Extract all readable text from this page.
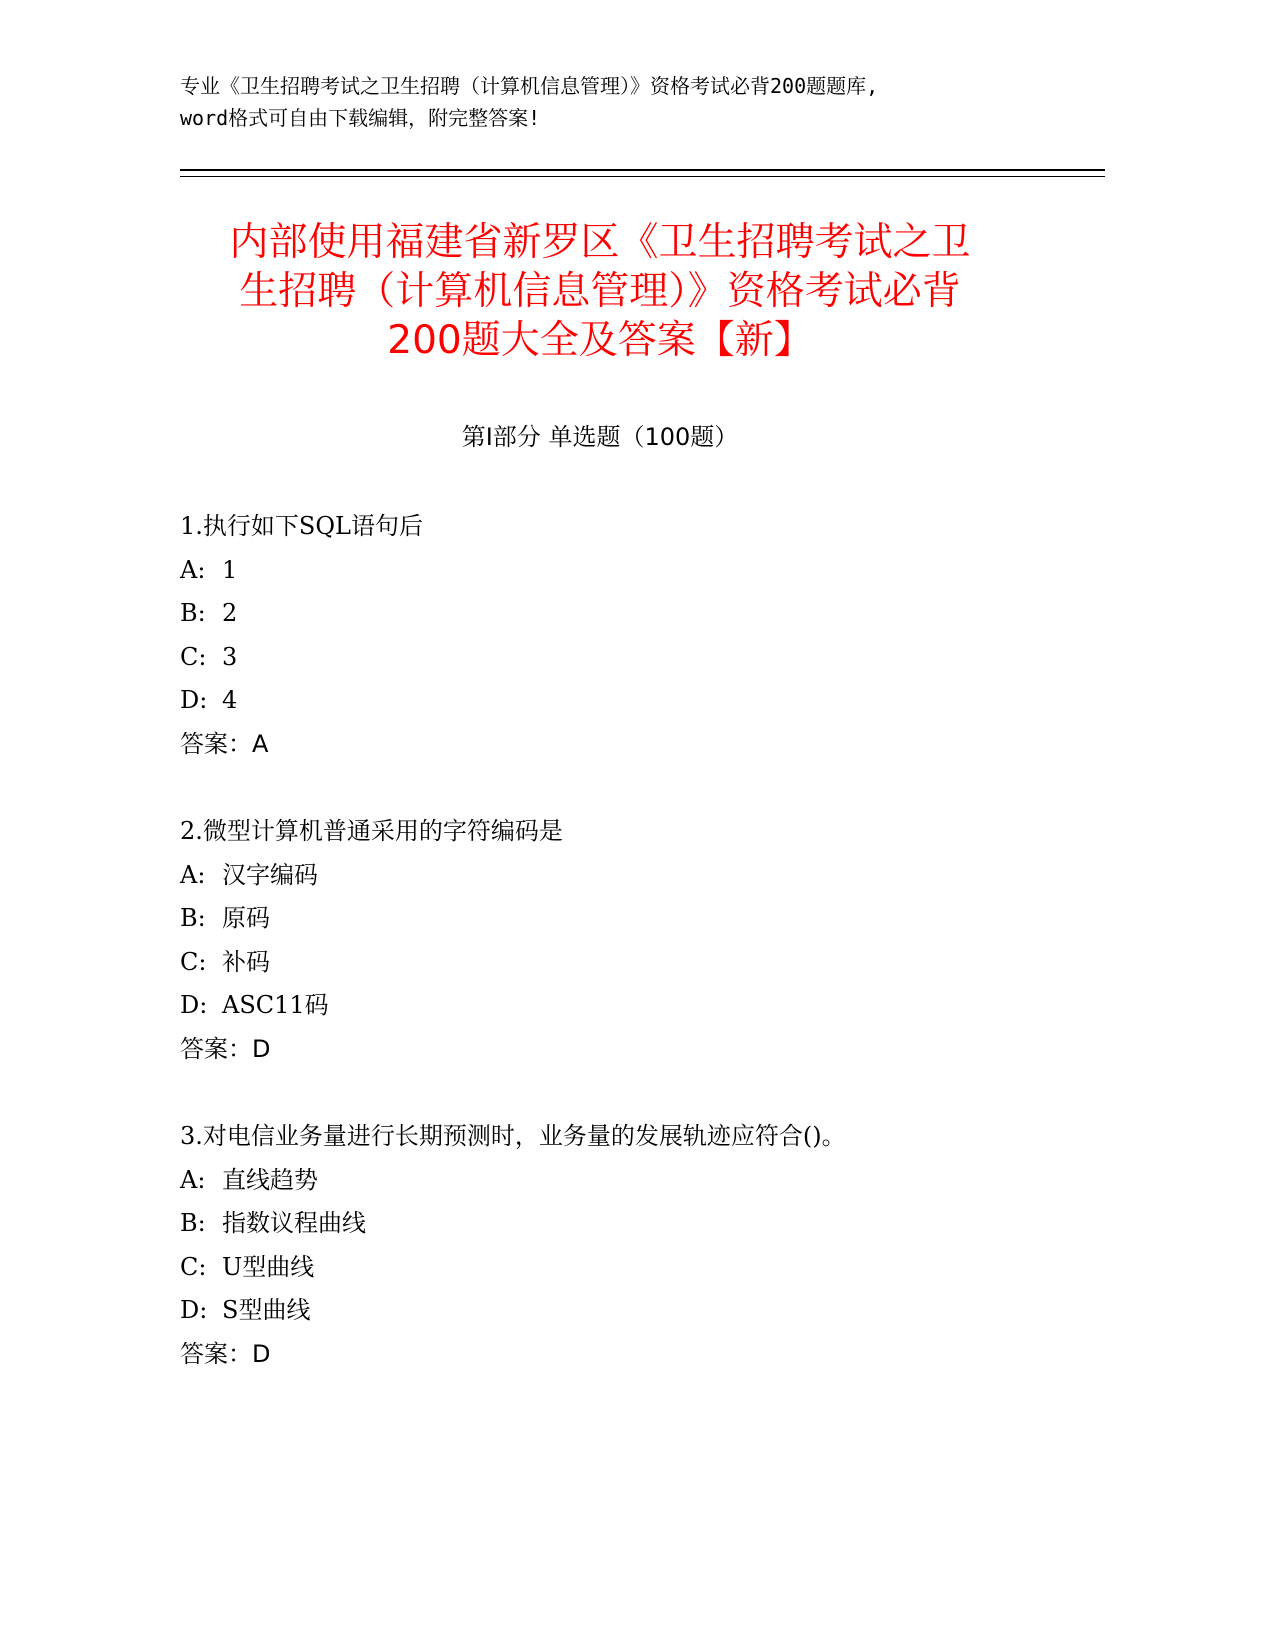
专业《卫生招聘考试之卫生招聘（计算机信息管理）》资格考试必背200题题库,
word格式可自由下载编辑，附完整答案!
内部使用福建省新罗区《卫生招聘考试之卫
生招聘（计算机信息管理）》资格考试必背
200题大全及答案【新】
第Ⅰ部分 单选题（100题）
1.执行如下SQL语句后
A: 1
B: 2
C: 3
D: 4
答案：A
2.微型计算机普通采用的字符编码是
A: 汉字编码
B: 原码
C: 补码
D: ASC11码
答案：D
3.对电信业务量进行长期预测时，业务量的发展轨迹应符合()。
A: 直线趋势
B: 指数议程曲线
C: U型曲线
D: S型曲线
答案：D
